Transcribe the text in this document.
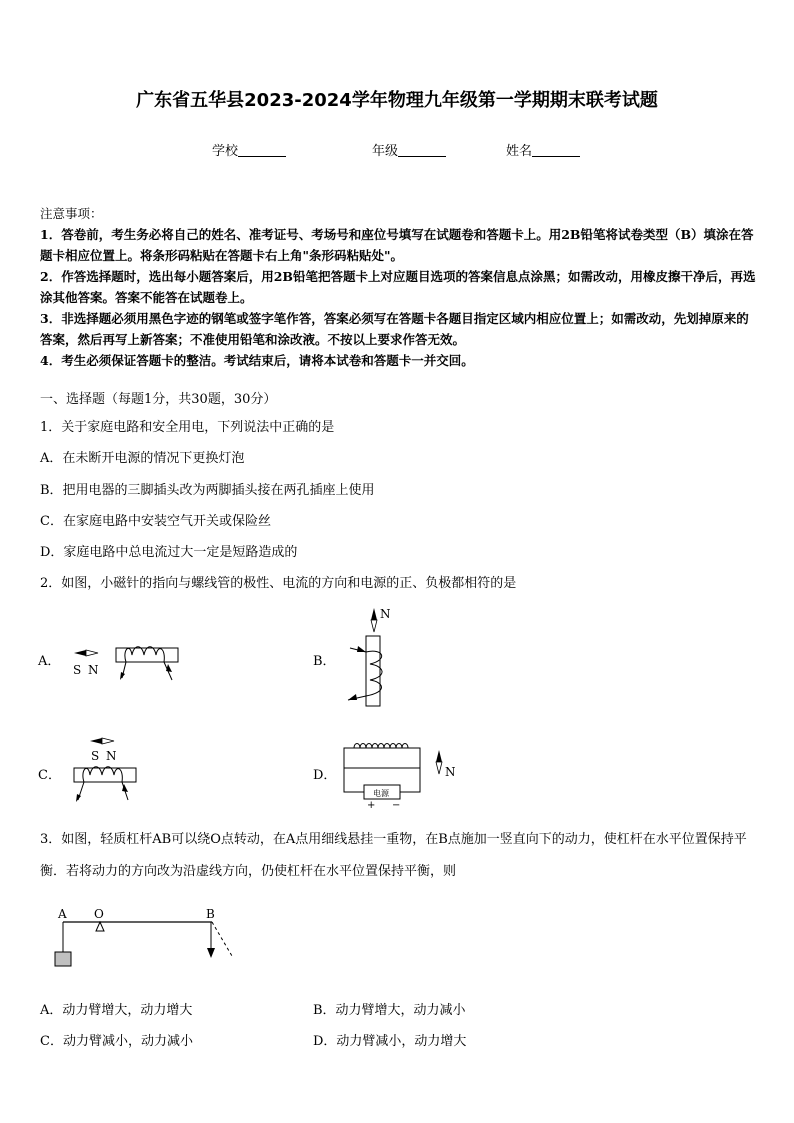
广东省五华县2023-2024学年物理九年级第一学期期末联考试题
学校	年级	姓名
注意事项：
1．答卷前，考生务必将自己的姓名、准考证号、考场号和座位号填写在试题卷和答题卡上。用2B铅笔将试卷类型（B）填涂在答题卡相应位置上。将条形码粘贴在答题卡右上角"条形码粘贴处"。
2．作答选择题时，选出每小题答案后，用2B铅笔把答题卡上对应题目选项的答案信息点涂黑；如需改动，用橡皮擦干净后，再选涂其他答案。答案不能答在试题卷上。
3．非选择题必须用黑色字迹的钢笔或签字笔作答，答案必须写在答题卡各题目指定区域内相应位置上；如需改动，先划掉原来的答案，然后再写上新答案；不准使用铅笔和涂改液。不按以上要求作答无效。
4．考生必须保证答题卡的整洁。考试结束后，请将本试卷和答题卡一并交回。
一、选择题（每题1分，共30题，30分）
1．关于家庭电路和安全用电，下列说法中正确的是
A．在未断开电源的情况下更换灯泡
B．把用电器的三脚插头改为两脚插头接在两孔插座上使用
C．在家庭电路中安装空气开关或保险丝
D．家庭电路中总电流过大一定是短路造成的
2．如图，小磁针的指向与螺线管的极性、电流的方向和电源的正、负极都相符的是
A．
S N
B．
N
C．
S N
D．
电源
+ −
N
3．如图，轻质杠杆AB可以绕O点转动，在A点用细线悬挂一重物，在B点施加一竖直向下的动力，使杠杆在水平位置保持平衡．若将动力的方向改为沿虚线方向，仍使杠杆在水平位置保持平衡，则
A O	B
A．动力臂增大，动力增大	B．动力臂增大，动力减小
C．动力臂减小，动力减小	D．动力臂减小，动力增大
